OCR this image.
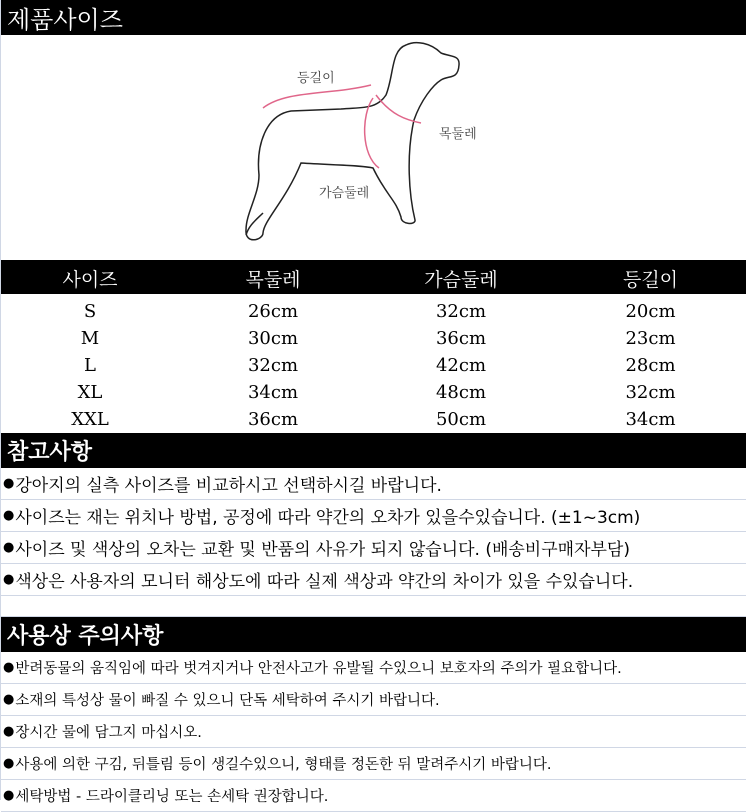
제품사이즈
등길이
목둘레
가슴둘레
사이즈	목둘레	가슴둘레	등길이
S	26cm	32cm	20cm
M	30cm	36cm	23cm
L	32cm	42cm	28cm
XL	34cm	48cm	32cm
XXL	36cm	50cm	34cm
참고사항
● 강아지의 실측 사이즈를 비교하시고 선택하시길 바랍니다.
● 사이즈는 재는 위치나 방법, 공정에 따라 약간의 오차가 있을수있습니다. (±1~3cm)
● 사이즈 및 색상의 오차는 교환 및 반품의 사유가 되지 않습니다. (배송비구매자부담)
● 색상은 사용자의 모니터 해상도에 따라 실제 색상과 약간의 차이가 있을 수있습니다.
사용상 주의사항
● 반려동물의 움직임에 따라 벗겨지거나 안전사고가 유발될 수있으니 보호자의 주의가 필요합니다.
● 소재의 특성상 물이 빠질 수 있으니 단독 세탁하여 주시기 바랍니다.
● 장시간 물에 담그지 마십시오.
● 사용에 의한 구김, 뒤틀림 등이 생길수있으니, 형태를 정돈한 뒤 말려주시기 바랍니다.
● 세탁방법 - 드라이클리닝 또는 손세탁 권장합니다.
